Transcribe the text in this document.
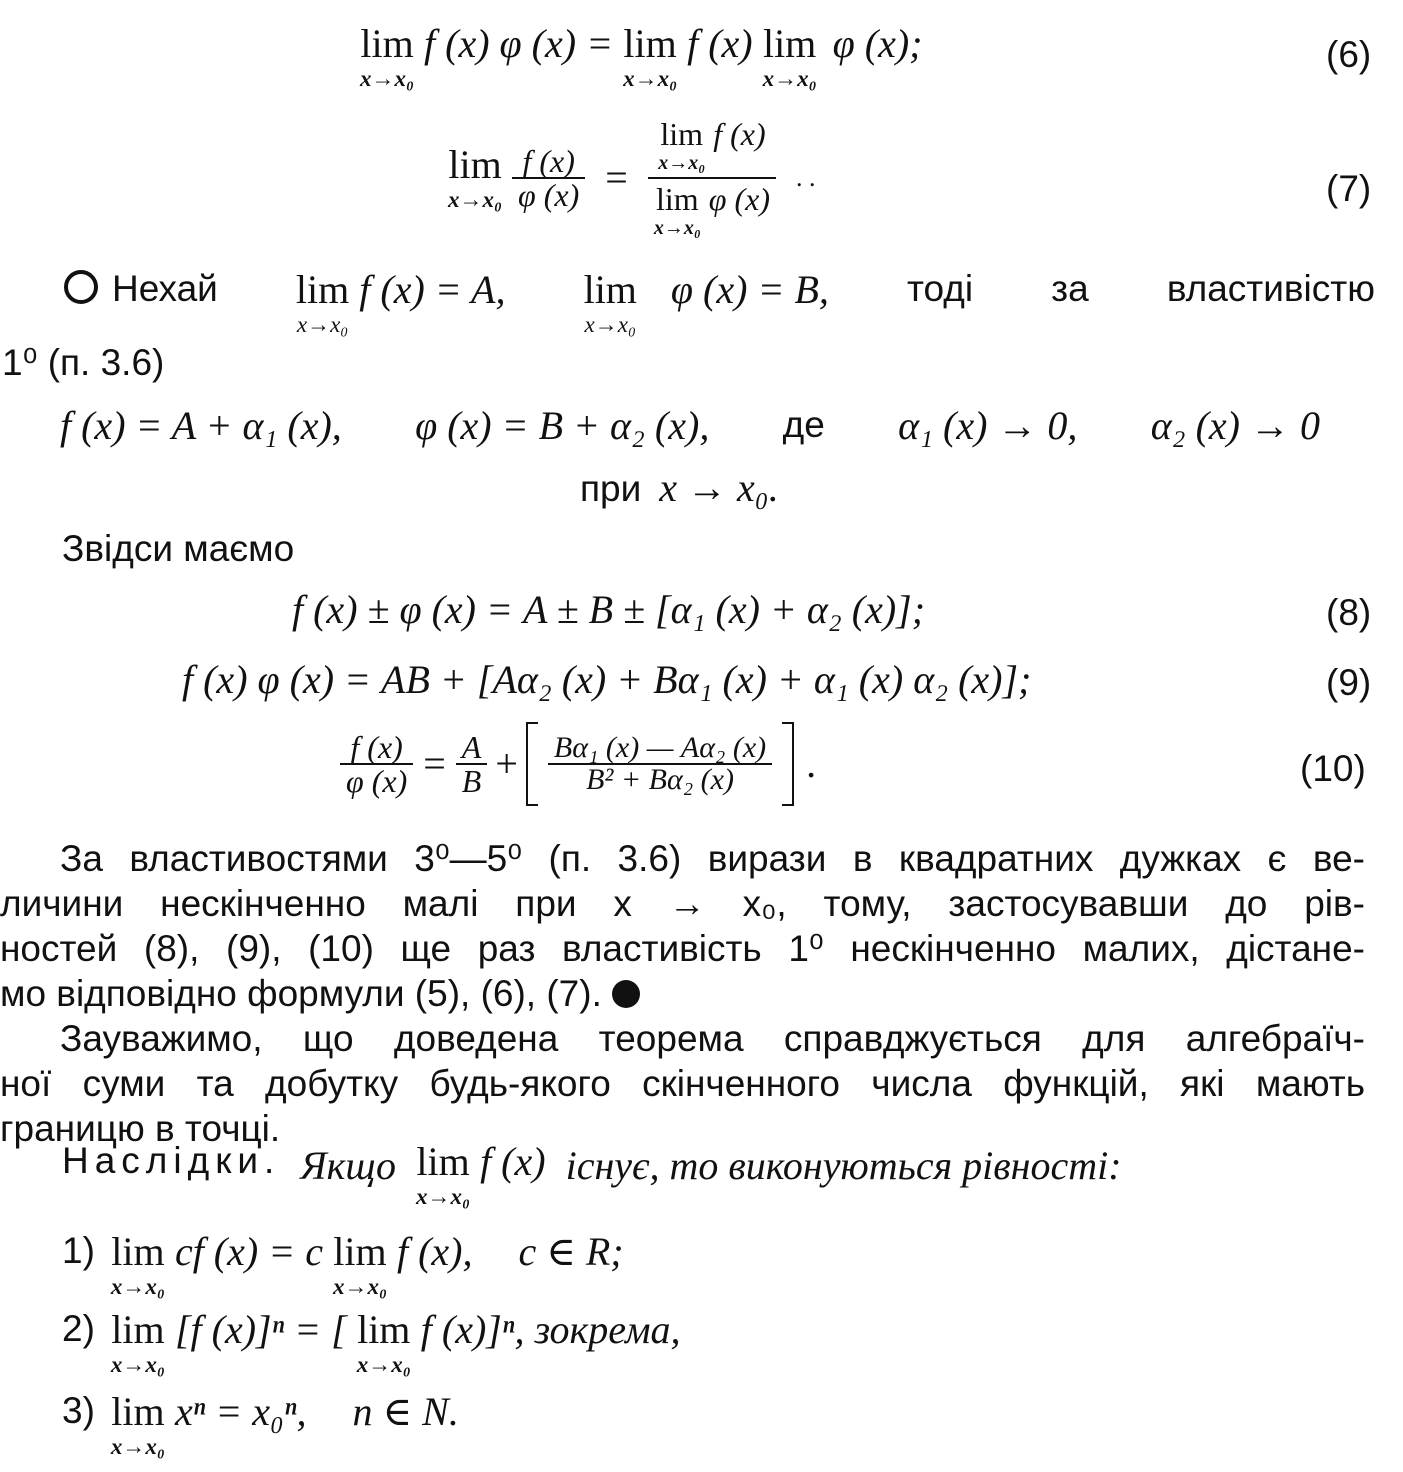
lim
x→x₀
f (x) φ (x) = lim
x→x₀
f (x) lim
x→x₀
φ (x);	(6)
lim
x→x₀
$\frac{f (x)}{\varphi (x)} = \lim$
x→x₀
f (x)
lim
x→x₀
φ (x) . .	(7)
Нехай lim
x→x₀
f (x) = A, lim
x→x₀
φ (x) = B, тоді за властивістю
1⁰ (п. 3.6)
f (x) = A + α₁ (x), φ (x) = B + α₂ (x), де α₁ (x) → 0, α₂ (x) → 0
при x → x₀.
Звідси маємо
f (x) ± φ (x) = A ± B ± [α₁ (x) + α₂ (x)];	(8)
f (x) φ (x) = AB + [Aα₂ (x) + Bα₁ (x) + α₁ (x) α₂ (x)];	(9)
$\frac{f (x)}{\varphi (x)} = \frac{A}{B} + \frac{\text{Bα₁ (x) — Aα₂ (x)}}{\text{B² + Bα₂ (x)}}$ .	(10)
За властивостями 3⁰—5⁰ (п. 3.6) вирази в квадратних дужках є ве-
личини нескінченно малі при x → x₀, тому, застосувавши до рів-
ностей (8), (9), (10) ще раз властивість 1⁰ нескінченно малих, дістане-
мо відповідно формули (5), (6), (7).
Зауважимо, що доведена теорема справджується для алгебраїч-
ної суми та добутку будь-якого скінченного числа функцій, які мають
границю в точці.
Наслідки. Якщо lim
x→x₀
f (x) існує, то виконуються рівності:
1) lim
x→x₀
cf (x) = c lim
x→x₀
f (x), c ∈ R;
2) lim
x→x₀
[f (x)]ⁿ = [ lim
x→x₀
f (x)]ⁿ, зокрема,
3) lim
x→x₀
xⁿ = x₀ⁿ, n ∈ N.
